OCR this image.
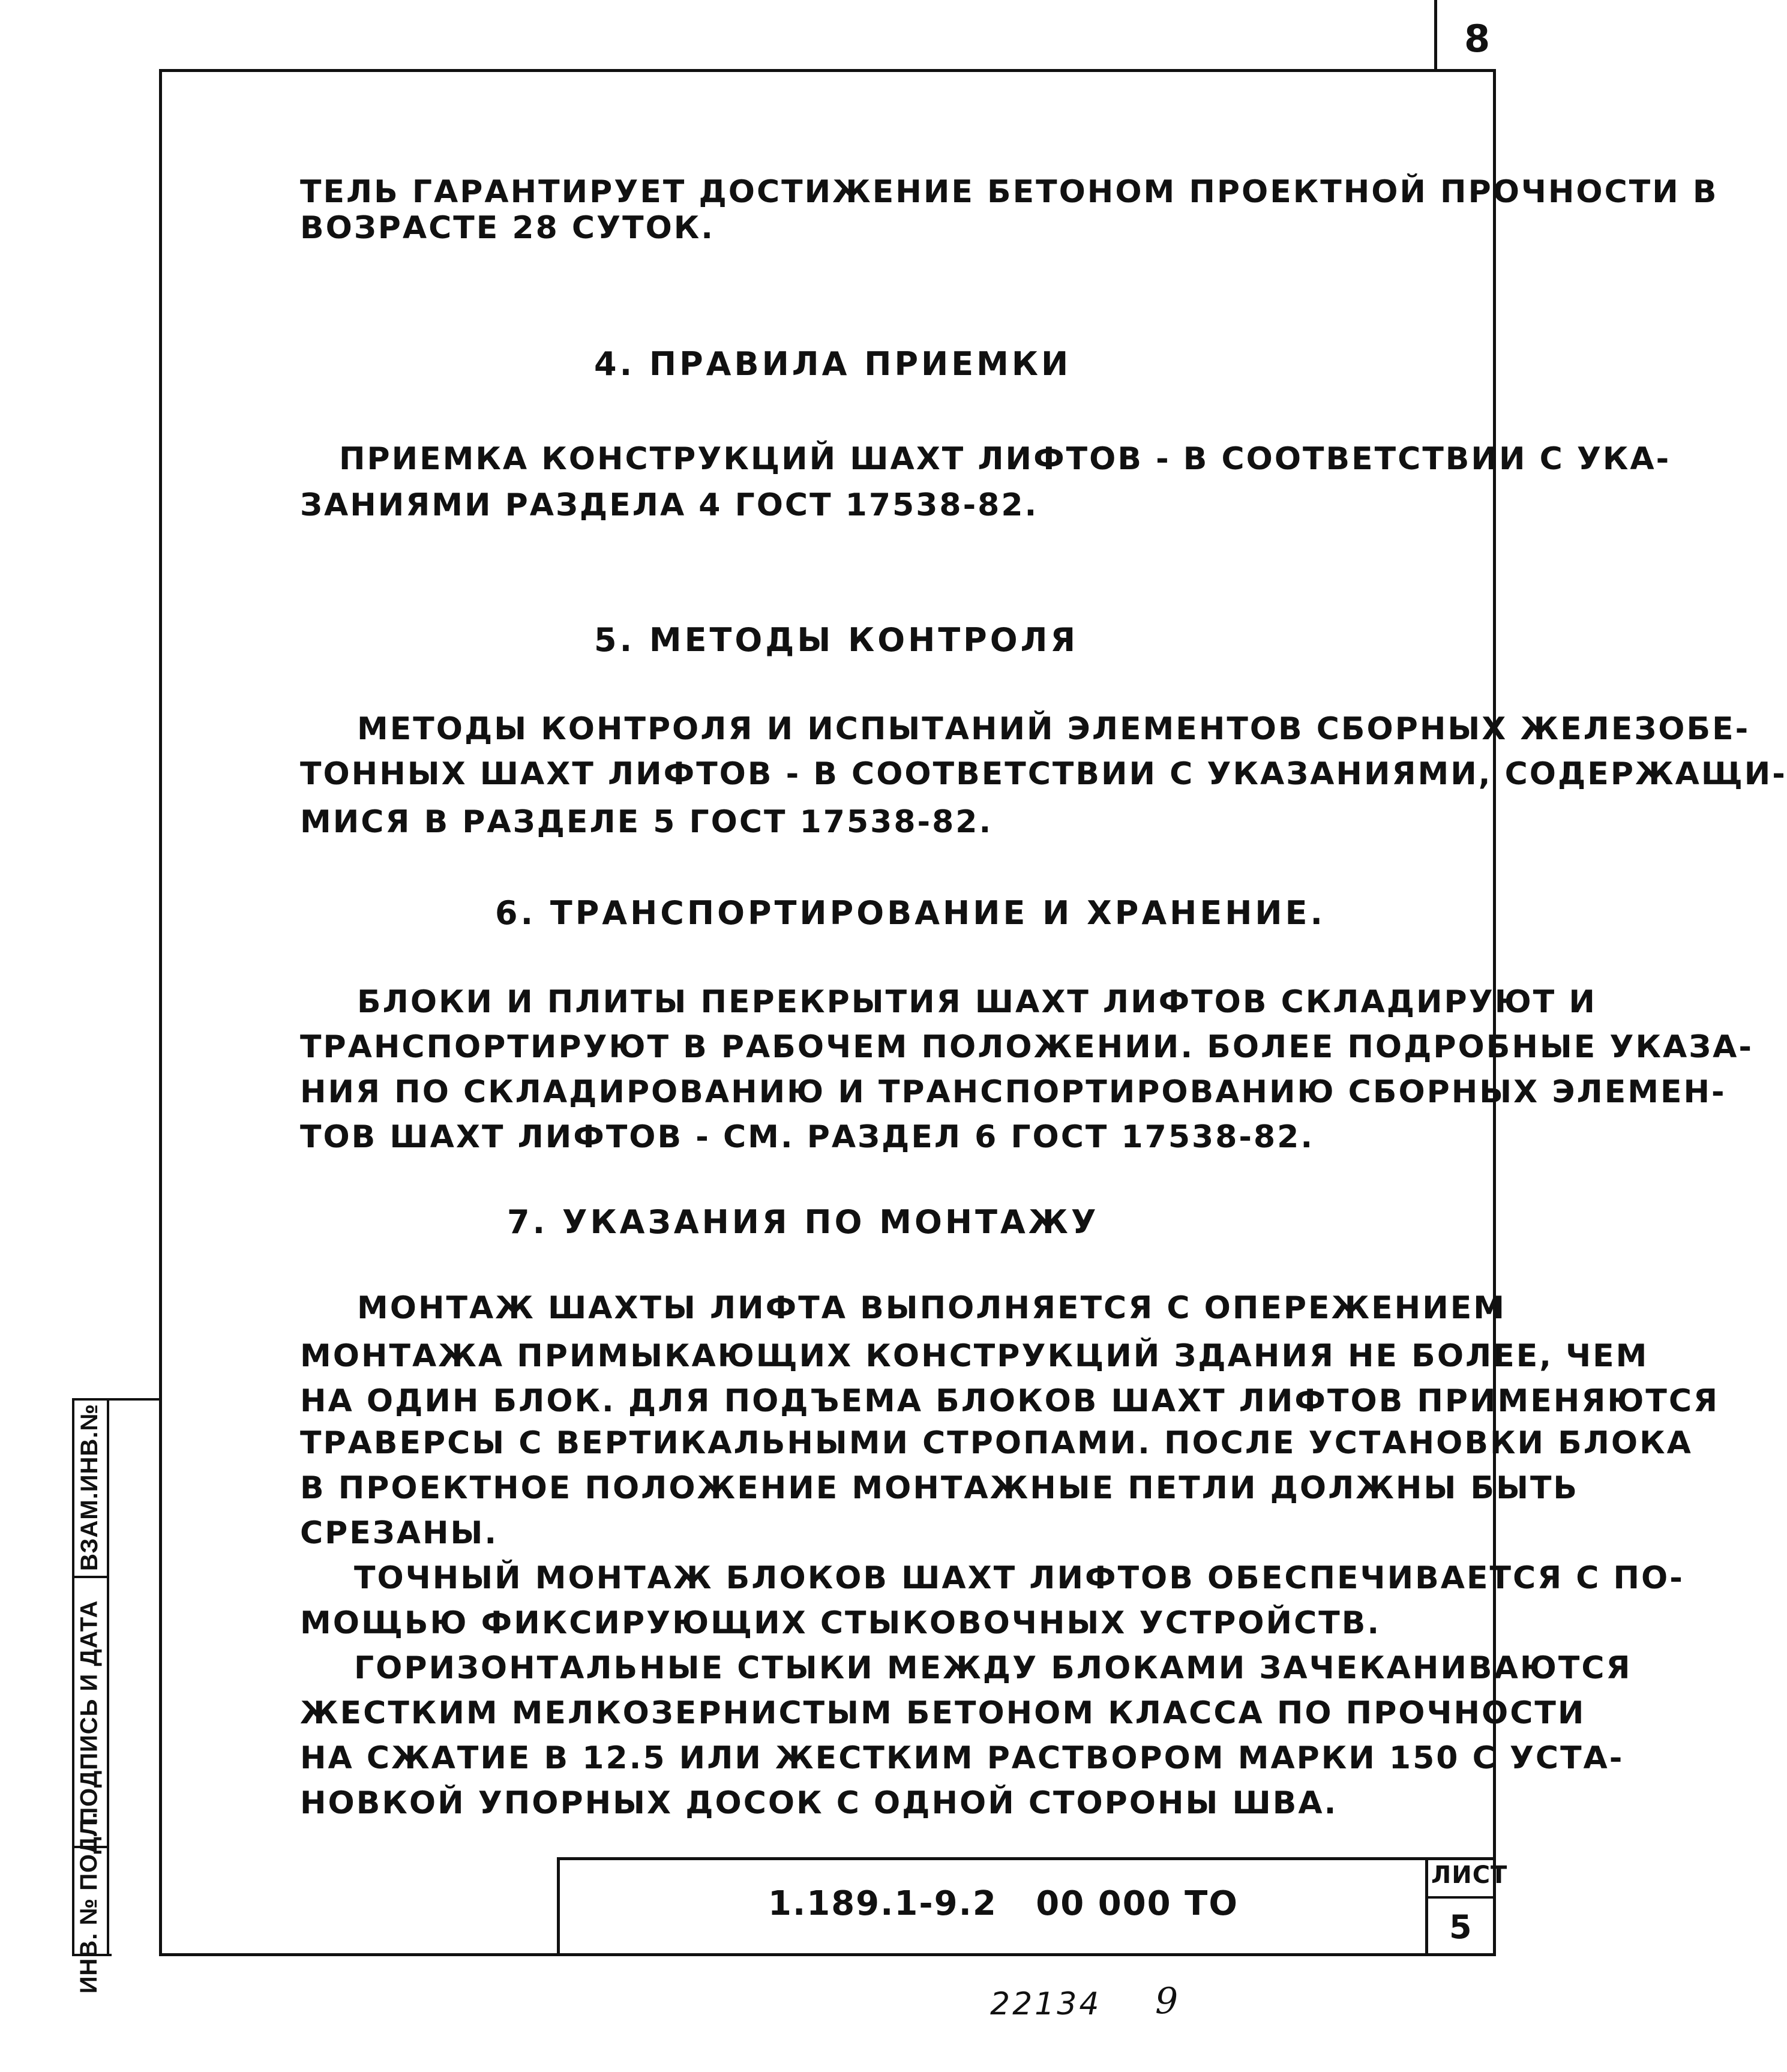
8
ТЕЛЬ ГАРАНТИРУЕТ ДОСТИЖЕНИЕ БЕТОНОМ ПРОЕКТНОЙ ПРОЧНОСТИ В
ВОЗРАСТЕ 28 СУТОК.
4. ПРАВИЛА ПРИЕМКИ
ПРИЕМКА КОНСТРУКЦИЙ ШАХТ ЛИФТОВ - В СООТВЕТСТВИИ С УКА-
ЗАНИЯМИ РАЗДЕЛА 4 ГОСТ 17538-82.
5. МЕТОДЫ КОНТРОЛЯ
МЕТОДЫ КОНТРОЛЯ И ИСПЫТАНИЙ ЭЛЕМЕНТОВ СБОРНЫХ ЖЕЛЕЗОБЕ-
ТОННЫХ ШАХТ ЛИФТОВ - В СООТВЕТСТВИИ С УКАЗАНИЯМИ, СОДЕРЖАЩИ-
МИСЯ В РАЗДЕЛЕ 5 ГОСТ 17538-82.
6. ТРАНСПОРТИРОВАНИЕ И ХРАНЕНИЕ.
БЛОКИ И ПЛИТЫ ПЕРЕКРЫТИЯ ШАХТ ЛИФТОВ СКЛАДИРУЮТ И
ТРАНСПОРТИРУЮТ В РАБОЧЕМ ПОЛОЖЕНИИ. БОЛЕЕ ПОДРОБНЫЕ УКАЗА-
НИЯ ПО СКЛАДИРОВАНИЮ И ТРАНСПОРТИРОВАНИЮ СБОРНЫХ ЭЛЕМЕН-
ТОВ ШАХТ ЛИФТОВ - СМ. РАЗДЕЛ 6 ГОСТ 17538-82.
7. УКАЗАНИЯ ПО МОНТАЖУ
МОНТАЖ ШАХТЫ ЛИФТА ВЫПОЛНЯЕТСЯ С ОПЕРЕЖЕНИЕМ
МОНТАЖА ПРИМЫКАЮЩИХ КОНСТРУКЦИЙ ЗДАНИЯ НЕ БОЛЕЕ, ЧЕМ
НА ОДИН БЛОК. ДЛЯ ПОДЪЕМА БЛОКОВ ШАХТ ЛИФТОВ ПРИМЕНЯЮТСЯ
ТРАВЕРСЫ С ВЕРТИКАЛЬНЫМИ СТРОПАМИ. ПОСЛЕ УСТАНОВКИ БЛОКА
В ПРОЕКТНОЕ ПОЛОЖЕНИЕ МОНТАЖНЫЕ ПЕТЛИ ДОЛЖНЫ БЫТЬ
СРЕЗАНЫ.
ТОЧНЫЙ МОНТАЖ БЛОКОВ ШАХТ ЛИФТОВ ОБЕСПЕЧИВАЕТСЯ С ПО-
МОЩЬЮ ФИКСИРУЮЩИХ СТЫКОВОЧНЫХ УСТРОЙСТВ.
ГОРИЗОНТАЛЬНЫЕ СТЫКИ МЕЖДУ БЛОКАМИ ЗАЧЕКАНИВАЮТСЯ
ЖЕСТКИМ МЕЛКОЗЕРНИСТЫМ БЕТОНОМ КЛАССА ПО ПРОЧНОСТИ
НА СЖАТИЕ В 12.5 ИЛИ ЖЕСТКИМ РАСТВОРОМ МАРКИ 150 С УСТА-
НОВКОЙ УПОРНЫХ ДОСОК С ОДНОЙ СТОРОНЫ ШВА.
ВЗАМ.ИНВ.№
ПОДПИСЬ И ДАТА
ИНВ. № ПОДЛ.	1.189.1-9.2   00 000 ТО
ЛИСТ
5
22134 9
